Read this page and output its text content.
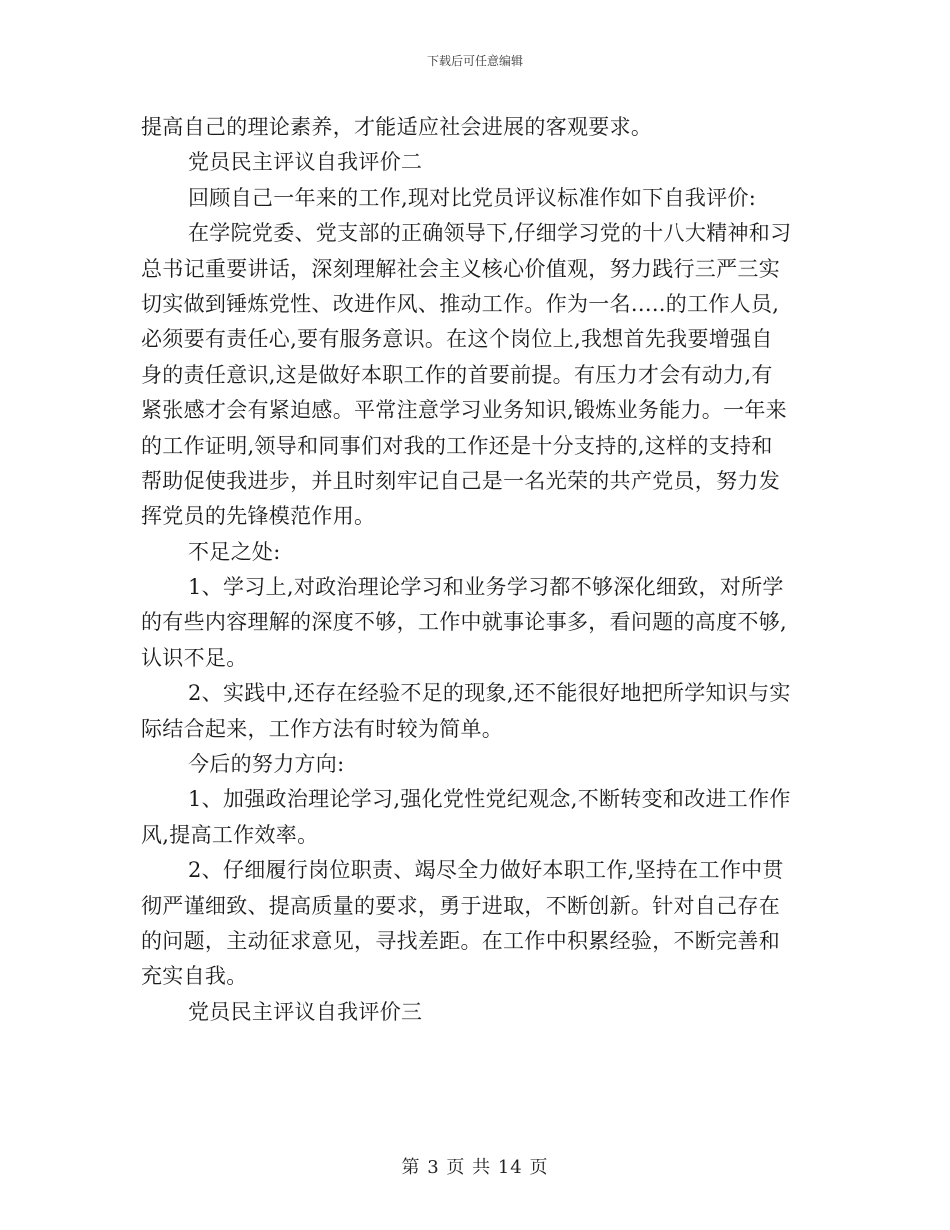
下载后可任意编辑
提高自己的理论素养，才能适应社会进展的客观要求。
党员民主评议自我评价二
回顾自己一年来的工作,现对比党员评议标准作如下自我评价:
在学院党委、党支部的正确领导下,仔细学习党的十八大精神和习
总书记重要讲话，深刻理解社会主义核心价值观，努力践行三严三实
切实做到锤炼党性、改进作风、推动工作。作为一名.....的工作人员,
必须要有责任心,要有服务意识。在这个岗位上,我想首先我要增强自
身的责任意识,这是做好本职工作的首要前提。有压力才会有动力,有
紧张感才会有紧迫感。平常注意学习业务知识,锻炼业务能力。一年来
的工作证明,领导和同事们对我的工作还是十分支持的,这样的支持和
帮助促使我进步，并且时刻牢记自己是一名光荣的共产党员，努力发
挥党员的先锋模范作用。
不足之处:
1、学习上,对政治理论学习和业务学习都不够深化细致，对所学
的有些内容理解的深度不够，工作中就事论事多，看问题的高度不够,
认识不足。
2、实践中,还存在经验不足的现象,还不能很好地把所学知识与实
际结合起来，工作方法有时较为简单。
今后的努力方向:
1、加强政治理论学习,强化党性党纪观念,不断转变和改进工作作
风,提高工作效率。
2、仔细履行岗位职责、竭尽全力做好本职工作,坚持在工作中贯
彻严谨细致、提高质量的要求，勇于进取，不断创新。针对自己存在
的问题，主动征求意见，寻找差距。在工作中积累经验，不断完善和
充实自我。
党员民主评议自我评价三
第 3 页 共 14 页
